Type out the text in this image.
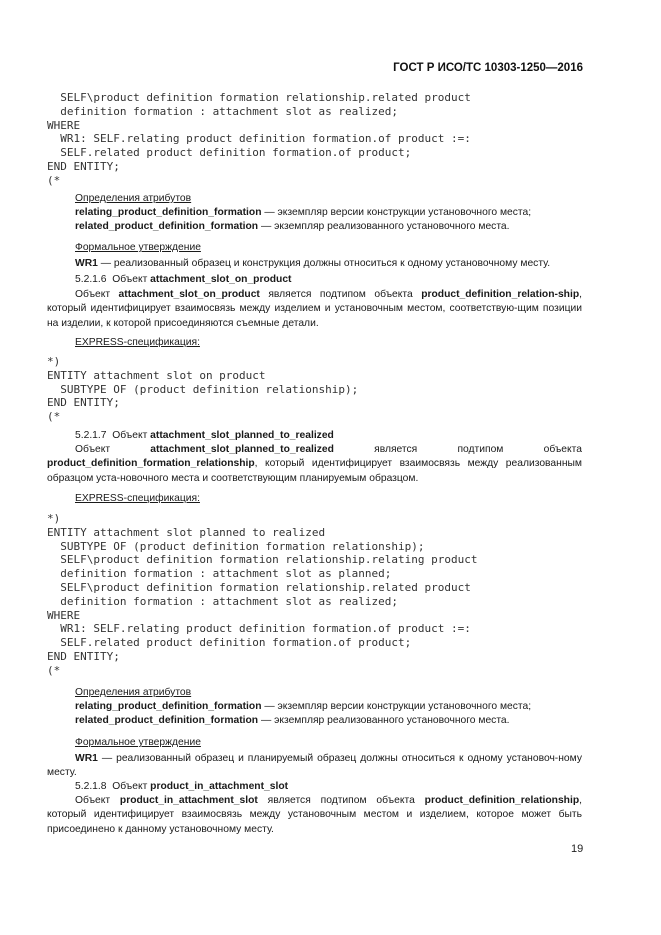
ГОСТ Р ИСО/ТС 10303-1250—2016
SELF\product definition formation relationship.related product
definition formation : attachment slot as realized;
WHERE
WR1: SELF.relating product definition formation.of product :=:
SELF.related product definition formation.of product;
END ENTITY;
(*

Определения атрибутов

relating_product_definition_formation — экземпляр версии конструкции установочного места;

related_product_definition_formation — экземпляр реализованного установочного места.

Формальное утверждение

WR1 — реализованный образец и конструкция должны относиться к одному установочному месту.

5.2.1.6 Объект attachment_slot_on_product

Объект attachment_slot_on_product является подтипом объекта product_definition_relation-ship, который идентифицирует взаимосвязь между изделием и установочным местом, соответствую-щим позиции на изделии, к которой присоединяются съемные детали.

EXPRESS-спецификация:

*)
ENTITY attachment slot on product
SUBTYPE OF (product definition relationship);
END ENTITY;
(*

5.2.1.7 Объект attachment_slot_planned_to_realized

Объект attachment_slot_planned_to_realized является подтипом объекта product_definition_formation_relationship, который идентифицирует взаимосвязь между реализованным образцом уста-новочного места и соответствующим планируемым образцом.

EXPRESS-спецификация:

*)
ENTITY attachment slot planned to realized
SUBTYPE OF (product definition formation relationship);
SELF\product definition formation relationship.relating product
definition formation : attachment slot as planned;
SELF\product definition formation relationship.related product
definition formation : attachment slot as realized;
WHERE
WR1: SELF.relating product definition formation.of product :=:
SELF.related product definition formation.of product;
END ENTITY;
(*

Определения атрибутов

relating_product_definition_formation — экземпляр версии конструкции установочного места;

related_product_definition_formation — экземпляр реализованного установочного места.

Формальное утверждение

WR1 — реализованный образец и планируемый образец должны относиться к одному установоч-ному месту.

5.2.1.8 Объект product_in_attachment_slot

Объект product_in_attachment_slot является подтипом объекта product_definition_relationship, который идентифицирует взаимосвязь между установочным местом и изделием, которое может быть присоединено к данному установочному месту.

19
